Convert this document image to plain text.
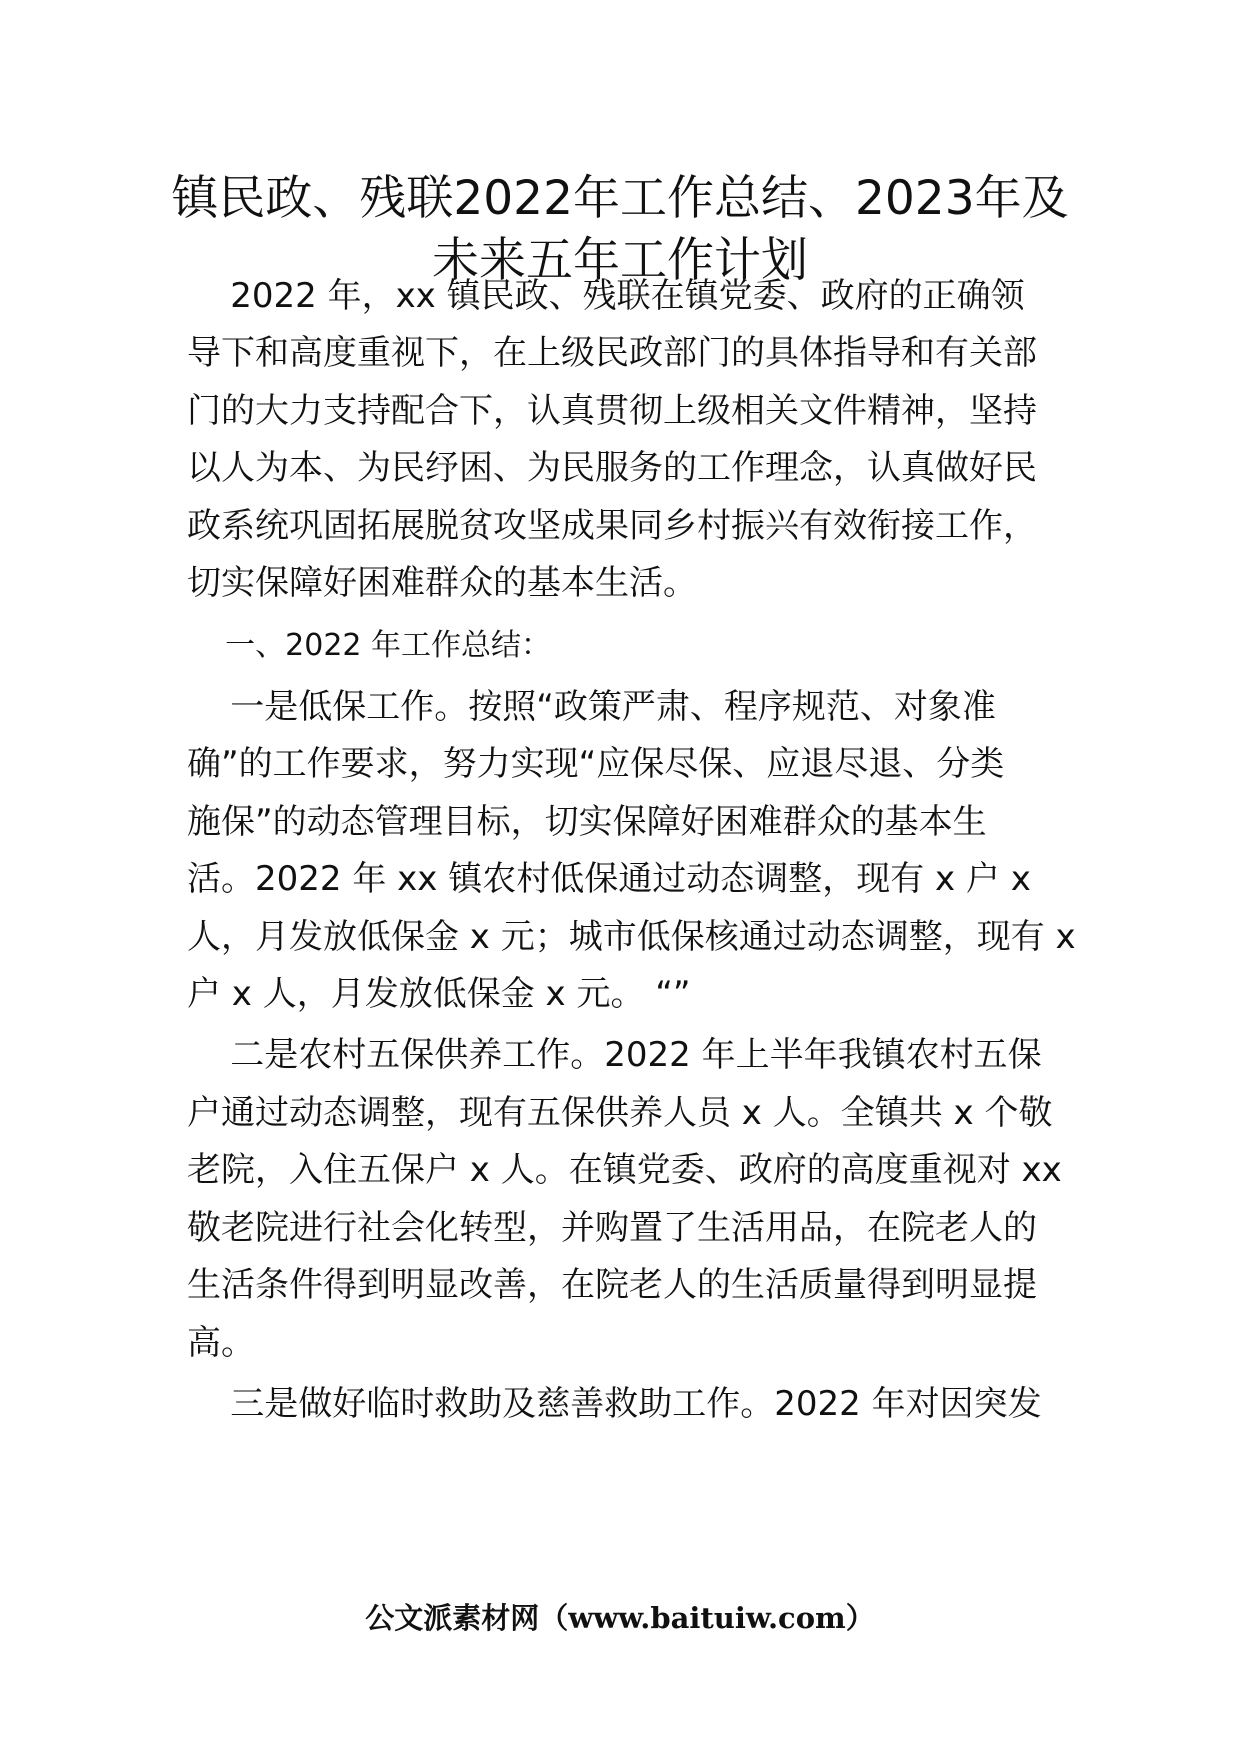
镇民政、残联2022年工作总结、2023年及
未来五年工作计划
2022 年，xx 镇民政、残联在镇党委、政府的正确领
导下和高度重视下，在上级民政部门的具体指导和有关部
门的大力支持配合下，认真贯彻上级相关文件精神，坚持
以人为本、为民纾困、为民服务的工作理念，认真做好民
政系统巩固拓展脱贫攻坚成果同乡村振兴有效衔接工作，
切实保障好困难群众的基本生活。
一、2022 年工作总结：
一是低保工作。按照“政策严肃、程序规范、对象准
确”的工作要求，努力实现“应保尽保、应退尽退、分类
施保”的动态管理目标，切实保障好困难群众的基本生
活。2022 年 xx 镇农村低保通过动态调整，现有 x 户 x
人，月发放低保金 x 元；城市低保核通过动态调整，现有 x
户 x 人，月发放低保金 x 元。 “”
二是农村五保供养工作。2022 年上半年我镇农村五保
户通过动态调整，现有五保供养人员 x 人。全镇共 x 个敬
老院，入住五保户 x 人。在镇党委、政府的高度重视对 xx
敬老院进行社会化转型，并购置了生活用品，在院老人的
生活条件得到明显改善，在院老人的生活质量得到明显提
高。
三是做好临时救助及慈善救助工作。2022 年对因突发
公文派素材网（www.baituiw.com）
